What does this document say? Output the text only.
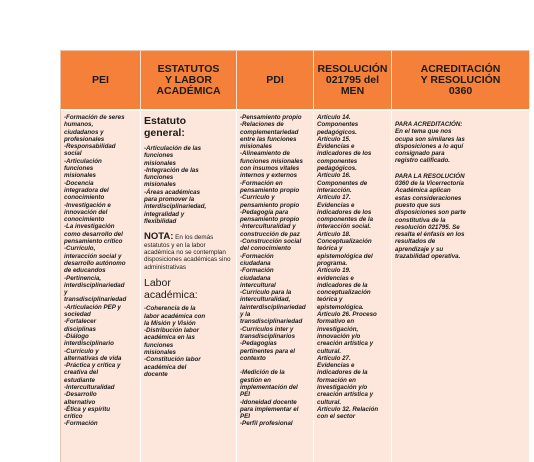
PEI
ESTATUTOS
Y LABOR
ACADÉMICA
PDI
RESOLUCIÓN
021795 del
MEN
ACREDITACIÓN
Y RESOLUCIÓN
0360
-Formación de seres
humanos,
ciudadanos y
profesionales
-Responsabilidad
social
-Articulación
funciones
misionales
-Docencia
integradora del
conocimiento
-Investigación e
innovación del
conocimiento
-La investigación
como desarrollo del
pensamiento crítico
-Currículo,
interacción social y
desarrollo autónomo
de educandos
-Pertinencia,
interdisciplinariedad
y
transdisciplinariedad
-Articulación PEP y
sociedad
-Fortalecer
disciplinas
-Diálogo
interdisciplinario
-Currículo y
alternativas de vida
-Práctica y crítica y
creativa del
estudiante
-Interculturalidad
-Desarrollo
alternativo
-Ética y espíritu
crítico
-Formación
Estatuto
general:
-Articulación de las
funciones
misionales
-Integración de las
funciones
misionales
-Áreas académicas
para promover la
interdisciplinariedad,
integralidad y
flexibilidad
NOTA: En los demás estatutos y en la labor académica no se contemplan disposiciones académicas sino administrativas
Labor
académica:
-Coherencia de la
labor académica con
la Misión y Visión
-Distribución labor
académica en las
funciones
misionales
-Constitución labor
académica del
docente
-Pensamiento propio
-Relaciones de
complementariedad
entre las funciones
misionales
-Alineamiento de
funciones misionales
con insumos vitales
internos y externos
-Formación en
pensamiento propio
-Currículo y
pensamiento propio
-Pedagogía para
pensamiento propio
-Interculturalidad y
construcción de paz
-Construcción social
del conocimiento
-Formación
ciudadana
-Formación
ciudadana
intercultural
-Currículo para la
interculturalidad,
lainterdisciplinariedad
y la
transdisciplinariedad
-Currículos inter y
transdisciplinarios
-Pedagogías
pertinentes para el
contexto

-Medición de la
gestión en
implementación del
PEI
-Idoneidad docente
para implementar el
PEI
-Perfil profesional
Artículo 14.
Componentes
pedagógicos.
Artículo 15.
Evidencias e
indicadores de los
componentes
pedagógicos.
Artículo 16.
Componentes de
interacción.
Artículo 17.
Evidencias e
indicadores de los
componentes de la
interacción social.
Artículo 18.
Conceptualización
teórica y
epistemológica del
programa.
Artículo 19.
evidencias e
indicadores de la
conceptualización
teórica y
epistemológica.
Artículo 26. Proceso
formativo en
investigación,
innovación y/o
creación artística y
cultural.
Artículo 27.
Evidencias e
indicadores de la
formación en
investigación y/o
creación artística y
cultural.
Artículo 32. Relación
con el sector

PARA ACREDITACIÓN:
En el tema que nos
ocupa son similares las
disposiciones a lo aquí
consignado para
registro calificado.

PARA LA RESOLUCIÓN
0360 de la Vicerrectoría
Académica aplican
estas consideraciones
puesto que sus
disposiciones son parte
constitutiva de la
resolución 021795. Se
resalta el énfasis en los
resultados de
aprendizaje y su
trazabilidad operativa.
